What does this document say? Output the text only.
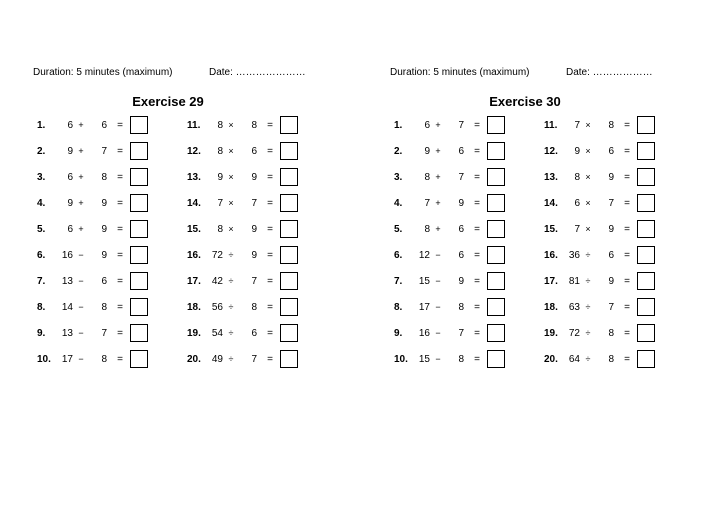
Duration: 5 minutes (maximum)	Date: …………………
Exercise 29
1.	6 +	6 =
2.	9 +	7 =
3.	6 +	8 =
4.	9 +	9 =
5.	6 +	9 =
6.	16 −	9 =
7.	13 −	6 =
8.	14 −	8 =
9.	13 −	7 =
10.	17 −	8 =
11.	8 ×	8 =
12.	8 ×	6 =
13.	9 ×	9 =
14.	7 ×	7 =
15.	8 ×	9 =
16.	72 ÷	9 =
17.	42 ÷	7 =
18.	56 ÷	8 =
19.	54 ÷	6 =
20.	49 ÷	7 =
Duration: 5 minutes (maximum)	Date: ………………
Exercise 30
1.	6 +	7 =
2.	9 +	6 =
3.	8 +	7 =
4.	7 +	9 =
5.	8 +	6 =
6.	12 −	6 =
7.	15 −	9 =
8.	17 −	8 =
9.	16 −	7 =
10.	15 −	8 =
11.	7 ×	8 =
12.	9 ×	6 =
13.	8 ×	9 =
14.	6 ×	7 =
15.	7 ×	9 =
16.	36 ÷	6 =
17.	81 ÷	9 =
18.	63 ÷	7 =
19.	72 ÷	8 =
20.	64 ÷	8 =
